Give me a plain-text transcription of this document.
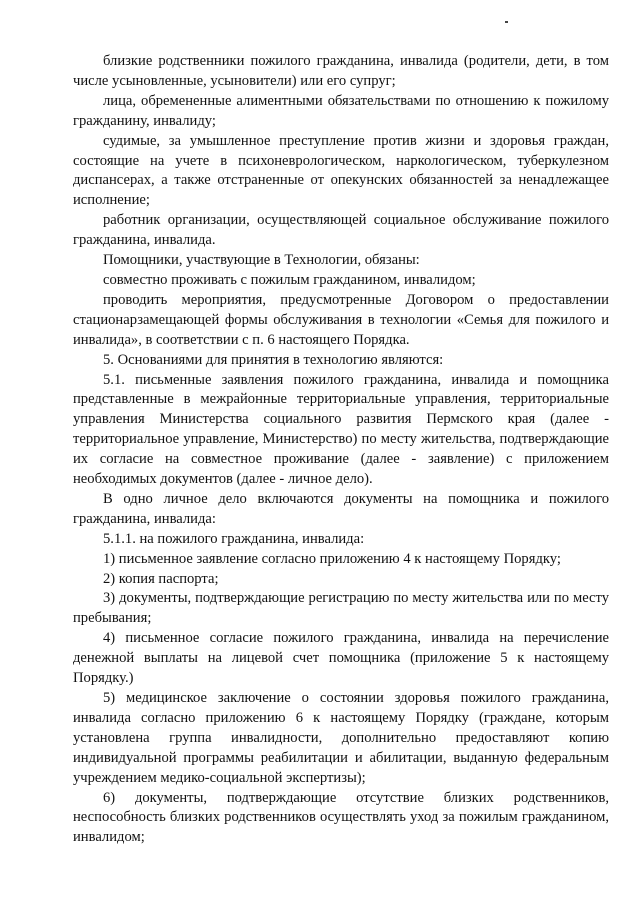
близкие родственники пожилого гражданина, инвалида (родители, дети, в том числе усыновленные, усыновители) или его супруг;

лица, обремененные алиментными обязательствами по отношению к пожилому гражданину, инвалиду;

судимые, за умышленное преступление против жизни и здоровья граждан, состоящие на учете в психоневрологическом, наркологическом, туберкулезном диспансерах, а также отстраненные от опекунских обязанностей за ненадлежащее исполнение;

работник организации, осуществляющей социальное обслуживание пожилого гражданина, инвалида.

Помощники, участвующие в Технологии, обязаны:

совместно проживать с пожилым гражданином, инвалидом;

проводить мероприятия, предусмотренные Договором о предоставлении стационарзамещающей формы обслуживания в технологии «Семья для пожилого и инвалида», в соответствии с п. 6 настоящего Порядка.

5. Основаниями для принятия в технологию являются:

5.1. письменные заявления пожилого гражданина, инвалида и помощника представленные в межрайонные территориальные управления, территориальные управления Министерства социального развития Пермского края (далее - территориальное управление, Министерство) по месту жительства, подтверждающие их согласие на совместное проживание (далее - заявление) с приложением необходимых документов (далее - личное дело).

В одно личное дело включаются документы на помощника и пожилого гражданина, инвалида:

5.1.1. на пожилого гражданина, инвалида:

1) письменное заявление согласно приложению 4 к настоящему Порядку;

2) копия паспорта;

3) документы, подтверждающие регистрацию по месту жительства или по месту пребывания;

4) письменное согласие пожилого гражданина, инвалида на перечисление денежной выплаты на лицевой счет помощника (приложение 5 к настоящему Порядку.)

5) медицинское заключение о состоянии здоровья пожилого гражданина, инвалида согласно приложению 6 к настоящему Порядку (граждане, которым установлена группа инвалидности, дополнительно предоставляют копию индивидуальной программы реабилитации и абилитации, выданную федеральным учреждением медико-социальной экспертизы);

6) документы, подтверждающие отсутствие близких родственников, неспособность близких родственников осуществлять уход за пожилым гражданином, инвалидом;
